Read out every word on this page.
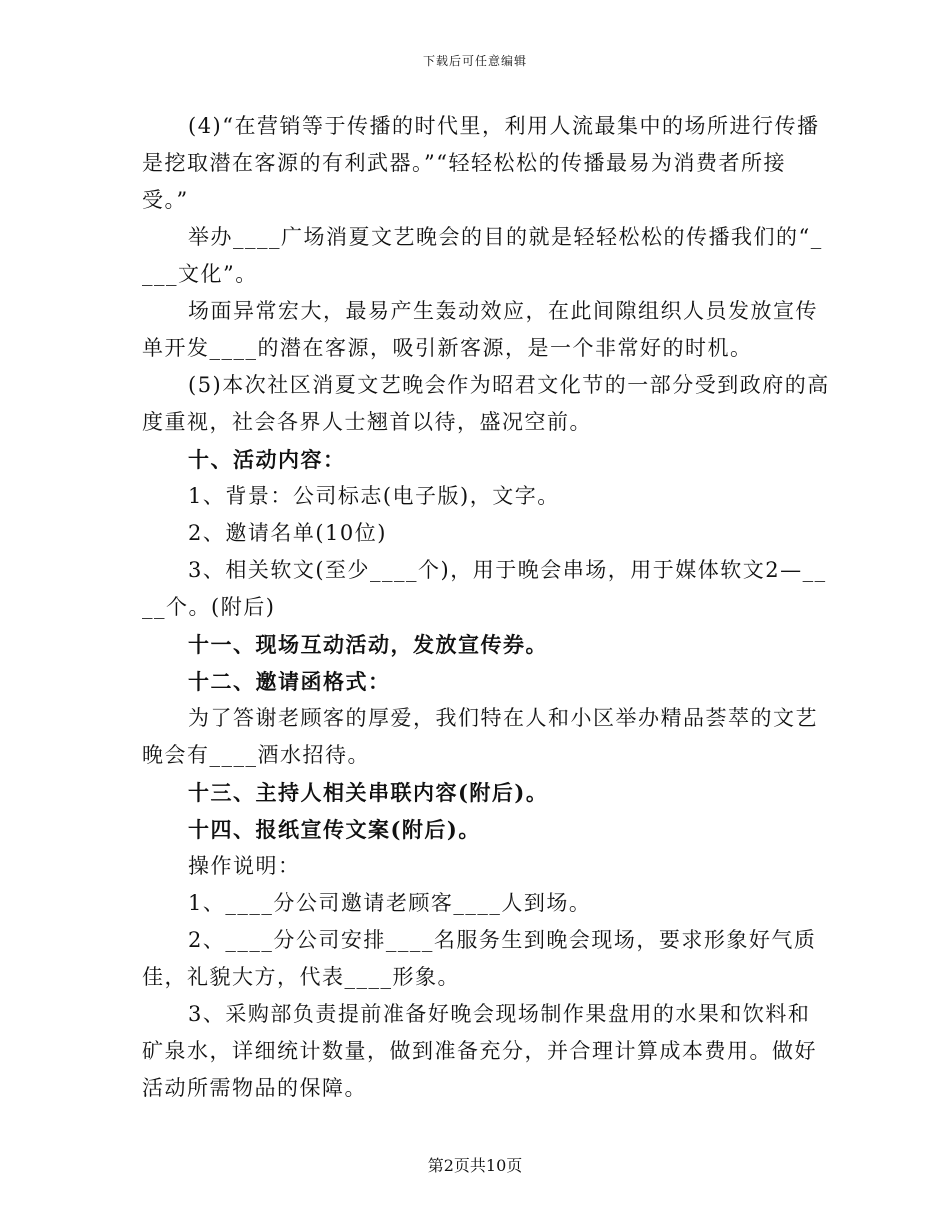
下载后可任意编辑

(4)“在营销等于传播的时代里，利用人流最集中的场所进行传播是挖取潜在客源的有利武器。”“轻轻松松的传播最易为消费者所接受。”

举办____广场消夏文艺晚会的目的就是轻轻松松的传播我们的“____文化”。

场面异常宏大，最易产生轰动效应，在此间隙组织人员发放宣传单开发____的潜在客源，吸引新客源，是一个非常好的时机。

(5)本次社区消夏文艺晚会作为昭君文化节的一部分受到政府的高度重视，社会各界人士翘首以待，盛况空前。

十、活动内容：

1、背景：公司标志(电子版)，文字。

2、邀请名单(10位)

3、相关软文(至少____个)，用于晚会串场，用于媒体软文2—____个。(附后)

十一、现场互动活动，发放宣传券。

十二、邀请函格式：

为了答谢老顾客的厚爱，我们特在人和小区举办精品荟萃的文艺晚会有____酒水招待。

十三、主持人相关串联内容(附后)。

十四、报纸宣传文案(附后)。

操作说明：

1、____分公司邀请老顾客____人到场。

2、____分公司安排____名服务生到晚会现场，要求形象好气质佳，礼貌大方，代表____形象。

3、采购部负责提前准备好晚会现场制作果盘用的水果和饮料和矿泉水，详细统计数量，做到准备充分，并合理计算成本费用。做好活动所需物品的保障。

第2页共10页
